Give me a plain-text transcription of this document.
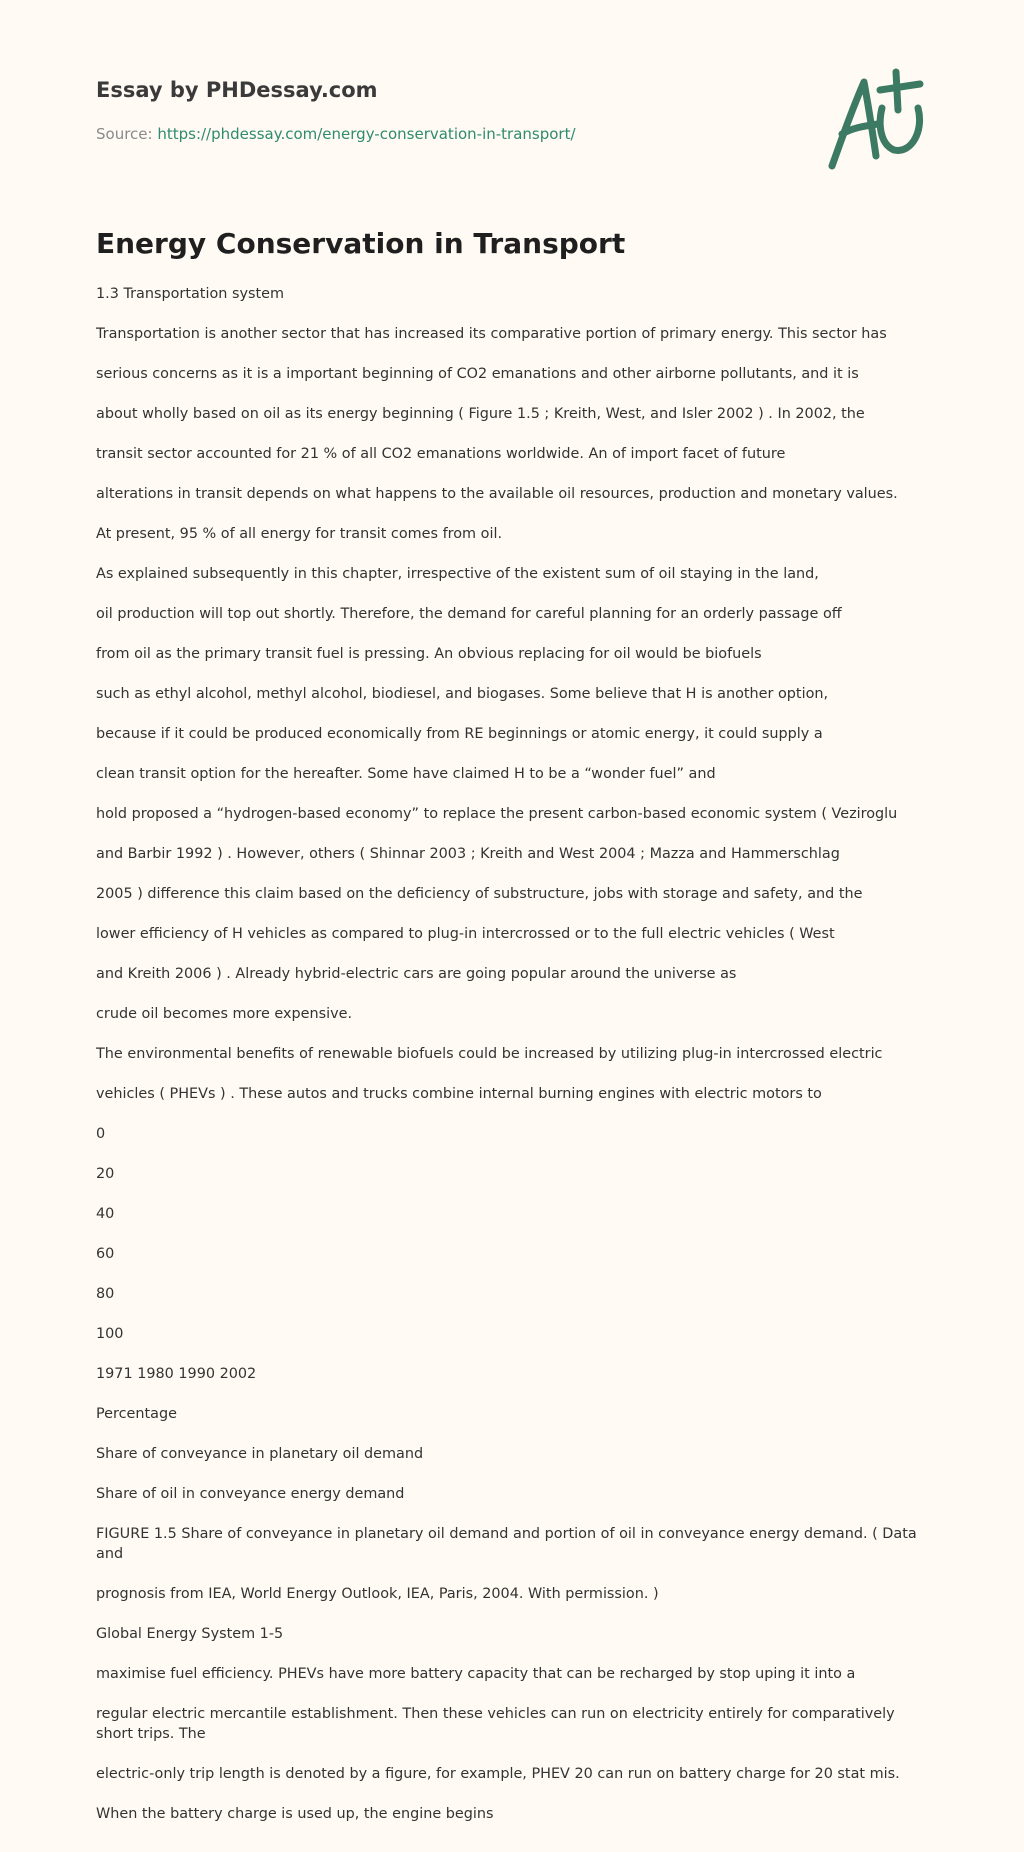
Essay by PHDessay.com
Source: https://phdessay.com/energy-conservation-in-transport/
Energy Conservation in Transport

1.3 Transportation system

Transportation is another sector that has increased its comparative portion of primary energy. This sector has

serious concerns as it is a important beginning of CO2 emanations and other airborne pollutants, and it is

about wholly based on oil as its energy beginning ( Figure 1.5 ; Kreith, West, and Isler 2002 ) . In 2002, the

transit sector accounted for 21 % of all CO2 emanations worldwide. An of import facet of future

alterations in transit depends on what happens to the available oil resources, production and monetary values.

At present, 95 % of all energy for transit comes from oil.

As explained subsequently in this chapter, irrespective of the existent sum of oil staying in the land,

oil production will top out shortly. Therefore, the demand for careful planning for an orderly passage off

from oil as the primary transit fuel is pressing. An obvious replacing for oil would be biofuels

such as ethyl alcohol, methyl alcohol, biodiesel, and biogases. Some believe that H is another option,

because if it could be produced economically from RE beginnings or atomic energy, it could supply a

clean transit option for the hereafter. Some have claimed H to be a “wonder fuel” and

hold proposed a “hydrogen-based economy” to replace the present carbon-based economic system ( Veziroglu

and Barbir 1992 ) . However, others ( Shinnar 2003 ; Kreith and West 2004 ; Mazza and Hammerschlag

2005 ) difference this claim based on the deficiency of substructure, jobs with storage and safety, and the

lower efficiency of H vehicles as compared to plug-in intercrossed or to the full electric vehicles ( West

and Kreith 2006 ) . Already hybrid-electric cars are going popular around the universe as

crude oil becomes more expensive.

The environmental benefits of renewable biofuels could be increased by utilizing plug-in intercrossed electric

vehicles ( PHEVs ) . These autos and trucks combine internal burning engines with electric motors to

0

20

40

60

80

100

1971 1980 1990 2002

Percentage

Share of conveyance in planetary oil demand

Share of oil in conveyance energy demand

FIGURE 1.5 Share of conveyance in planetary oil demand and portion of oil in conveyance energy demand. ( Data and

prognosis from IEA, World Energy Outlook, IEA, Paris, 2004. With permission. )

Global Energy System 1-5

maximise fuel efficiency. PHEVs have more battery capacity that can be recharged by stop uping it into a

regular electric mercantile establishment. Then these vehicles can run on electricity entirely for comparatively short trips. The

electric-only trip length is denoted by a figure, for example, PHEV 20 can run on battery charge for 20 stat mis.

When the battery charge is used up, the engine begins
